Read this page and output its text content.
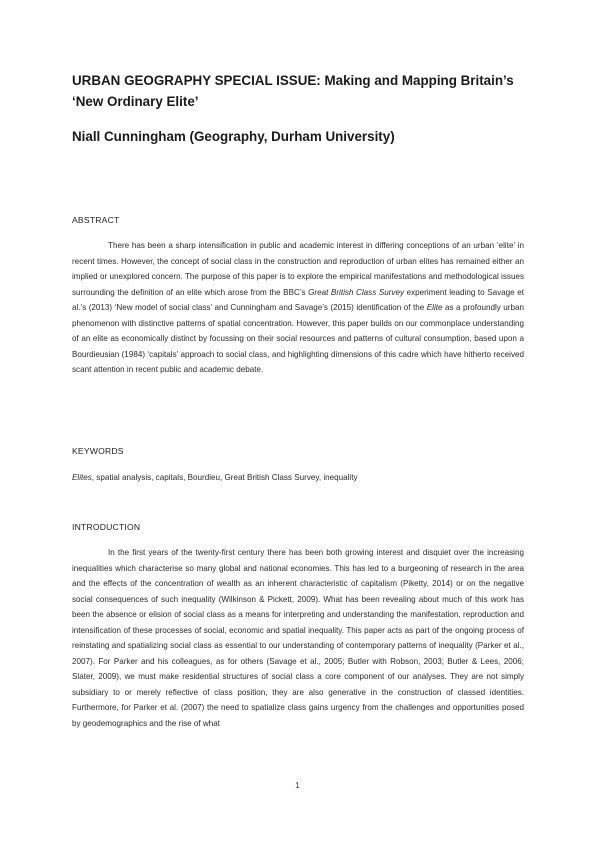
URBAN GEOGRAPHY SPECIAL ISSUE: Making and Mapping Britain’s
‘New Ordinary Elite’

Niall Cunningham (Geography, Durham University)

ABSTRACT

There has been a sharp intensification in public and academic interest in differing conceptions of an urban ‘elite’ in recent times. However, the concept of social class in the construction and reproduction of urban elites has remained either an implied or unexplored concern. The purpose of this paper is to explore the empirical manifestations and methodological issues surrounding the definition of an elite which arose from the BBC’s Great British Class Survey experiment leading to Savage et al.’s (2013) ‘New model of social class’ and Cunningham and Savage’s (2015) identification of the Elite as a profoundly urban phenomenon with distinctive patterns of spatial concentration. However, this paper builds on our commonplace understanding of an elite as economically distinct by focussing on their social resources and patterns of cultural consumption, based upon a Bourdieusian (1984) ‘capitals’ approach to social class, and highlighting dimensions of this cadre which have hitherto received scant attention in recent public and academic debate.

KEYWORDS

Elites, spatial analysis, capitals, Bourdieu, Great British Class Survey, inequality

INTRODUCTION

In the first years of the twenty-first century there has been both growing interest and disquiet over the increasing inequalities which characterise so many global and national economies. This has led to a burgeoning of research in the area and the effects of the concentration of wealth as an inherent characteristic of capitalism (Piketty, 2014) or on the negative social consequences of such inequality (Wilkinson & Pickett, 2009). What has been revealing about much of this work has been the absence or elision of social class as a means for interpreting and understanding the manifestation, reproduction and intensification of these processes of social, economic and spatial inequality. This paper acts as part of the ongoing process of reinstating and spatializing social class as essential to our understanding of contemporary patterns of inequality (Parker et al., 2007). For Parker and his colleagues, as for others (Savage et al., 2005; Butler with Robson, 2003; Butler & Lees, 2006; Slater, 2009), we must make residential structures of social class a core component of our analyses. They are not simply subsidiary to or merely reflective of class position, they are also generative in the construction of classed identities. Furthermore, for Parker et al. (2007) the need to spatialize class gains urgency from the challenges and opportunities posed by geodemographics and the rise of what

1
